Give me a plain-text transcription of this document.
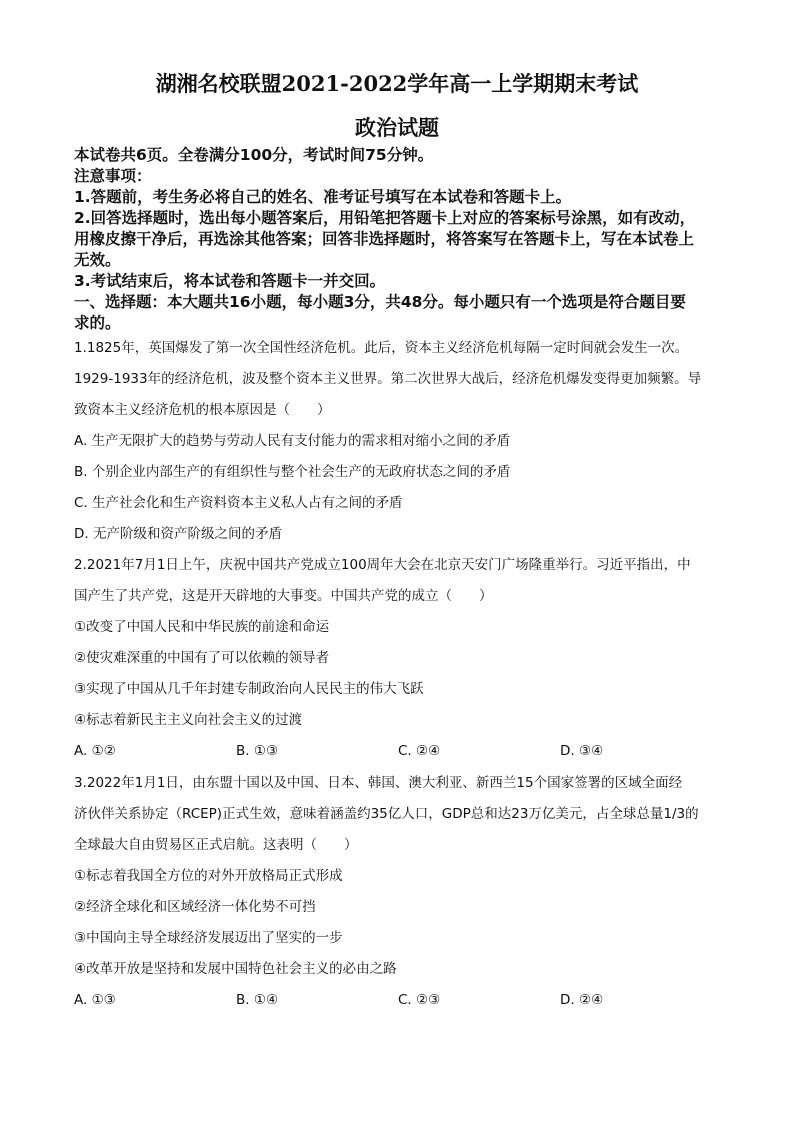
湖湘名校联盟2021-2022学年高一上学期期末考试
政治试题
本试卷共6页。全卷满分100分，考试时间75分钟。
注意事项：
1.答题前，考生务必将自己的姓名、准考证号填写在本试卷和答题卡上。
2.回答选择题时，选出每小题答案后，用铅笔把答题卡上对应的答案标号涂黑，如有改动，
用橡皮擦干净后，再选涂其他答案；回答非选择题时，将答案写在答题卡上，写在本试卷上
无效。
3.考试结束后，将本试卷和答题卡一并交回。
一、选择题：本大题共16小题，每小题3分，共48分。每小题只有一个选项是符合题目要
求的。
1.1825年，英国爆发了第一次全国性经济危机。此后，资本主义经济危机每隔一定时间就会发生一次。
1929-1933年的经济危机，波及整个资本主义世界。第二次世界大战后，经济危机爆发变得更加频繁。导
致资本主义经济危机的根本原因是（　　）
A. 生产无限扩大的趋势与劳动人民有支付能力的需求相对缩小之间的矛盾
B. 个别企业内部生产的有组织性与整个社会生产的无政府状态之间的矛盾
C. 生产社会化和生产资料资本主义私人占有之间的矛盾
D. 无产阶级和资产阶级之间的矛盾
2.2021年7月1日上午，庆祝中国共产党成立100周年大会在北京天安门广场隆重举行。习近平指出，中
国产生了共产党，这是开天辟地的大事变。中国共产党的成立（　　）
①改变了中国人民和中华民族的前途和命运
②使灾难深重的中国有了可以依赖的领导者
③实现了中国从几千年封建专制政治向人民民主的伟大飞跃
④标志着新民主主义向社会主义的过渡
A. ①②	B. ①③	C. ②④	D. ③④
3.2022年1月1日，由东盟十国以及中国、日本、韩国、澳大利亚、新西兰15个国家签署的区域全面经
济伙伴关系协定（RCEP)正式生效，意味着涵盖约35亿人口，GDP总和达23万亿美元，占全球总量1/3的
全球最大自由贸易区正式启航。这表明（　　）
①标志着我国全方位的对外开放格局正式形成
②经济全球化和区域经济一体化势不可挡
③中国向主导全球经济发展迈出了坚实的一步
④改革开放是坚持和发展中国特色社会主义的必由之路
A. ①③	B. ①④	C. ②③	D. ②④
